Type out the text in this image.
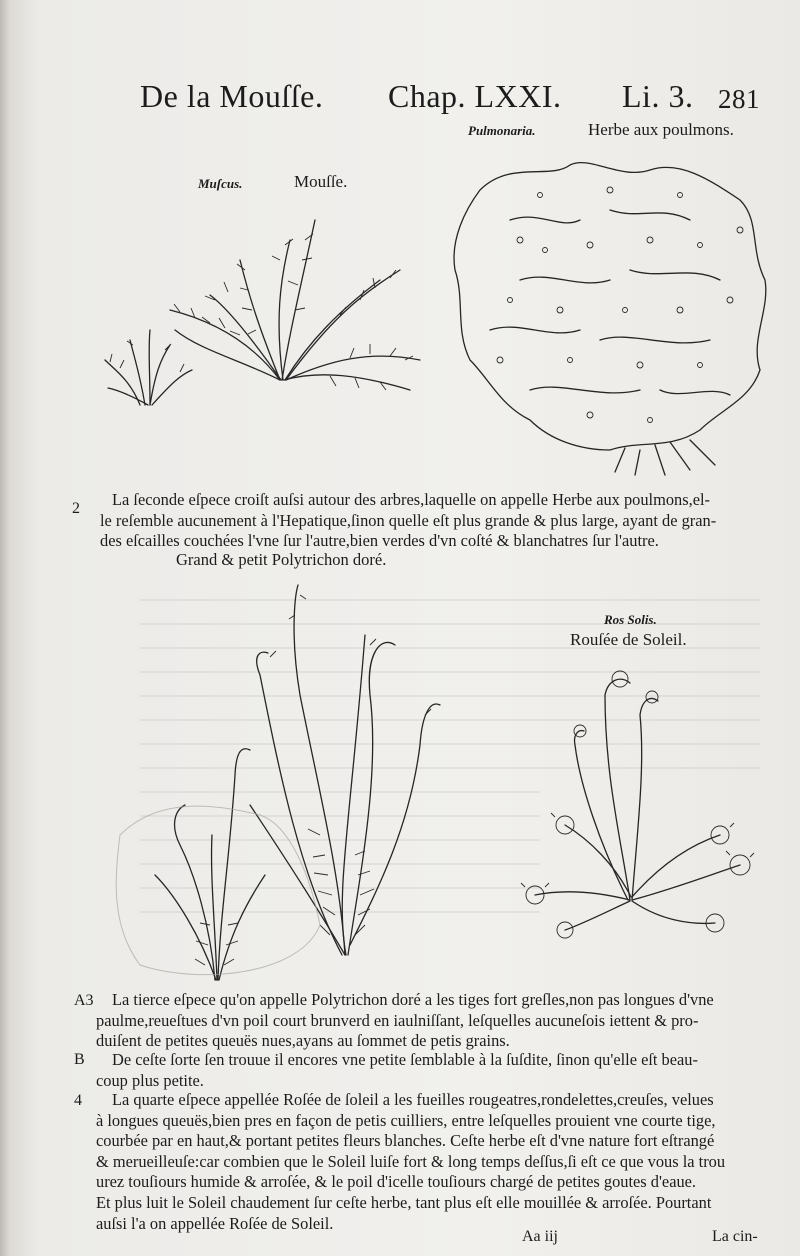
De la Mouſſe. Chap. LXXI. Li. 3. 281
Muſcus.	Mouſſe.
Pulmonaria.	Herbe aux poulmons.
2 La ſeconde eſpece croiſt auſsi autour des arbres,laquelle on appelle Herbe aux poulmons,el-
le reſemble aucunement à l'Hepatique,ſinon quelle eſt plus grande & plus large, ayant de gran-
des eſcailles couchées l'vne ſur l'autre,bien verdes d'vn coſté & blanchatres ſur l'autre.
Grand & petit Polytrichon doré.
Ros Solis.
Rouſée de Soleil.
A3 La tierce eſpece qu'on appelle Polytrichon doré a les tiges fort greſles,non pas longues d'vne
paulme,reueſtues d'vn poil court brunverd en iaulniſſant, leſquelles aucuneſois iettent & pro-
duiſent de petites queuës nues,ayans au ſommet de petis grains.
B De ceſte ſorte ſen trouue il encores vne petite ſemblable à la ſuſdite, ſinon qu'elle eſt beau-
coup plus petite.
4 La quarte eſpece appellée Roſée de ſoleil a les fueilles rougeatres,rondelettes,creuſes, velues
à longues queuës,bien pres en façon de petis cuilliers, entre leſquelles prouient vne courte tige,
courbée par en haut,& portant petites fleurs blanches. Ceſte herbe eſt d'vne nature fort eſtrangé
& merueilleuſe:car combien que le Soleil luiſe fort & long temps deſſus,ſi eſt ce que vous la trou
urez touſiours humide & arroſée, & le poil d'icelle touſiours chargé de petites goutes d'eaue.
Et plus luit le Soleil chaudement ſur ceſte herbe, tant plus eſt elle mouillée & arroſée. Pourtant
auſsi l'a on appellée Roſée de Soleil.
Aa iij	La cin-
